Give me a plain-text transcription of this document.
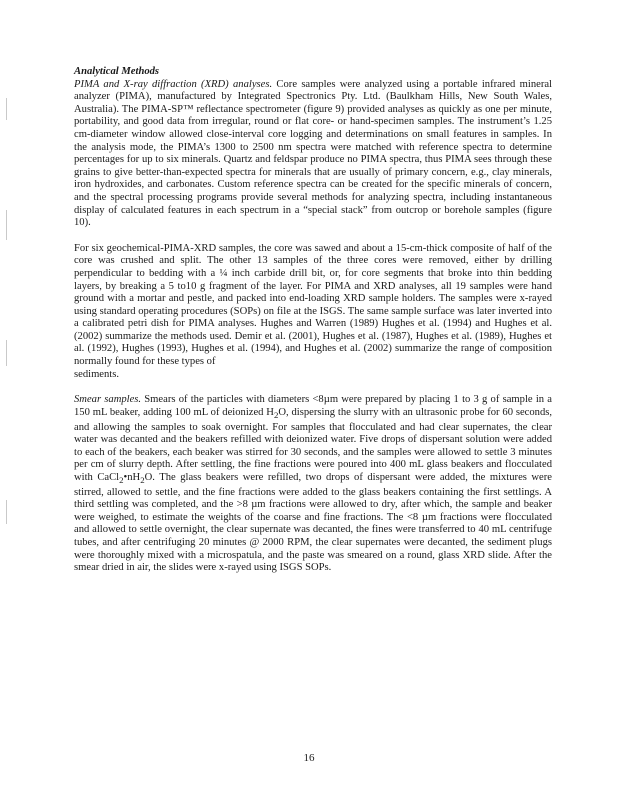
Analytical Methods

PIMA and X-ray diffraction (XRD) analyses. Core samples were analyzed using a portable infrared mineral analyzer (PIMA), manufactured by Integrated Spectronics Pty. Ltd. (Baulkham Hills, New South Wales, Australia). The PIMA-SP™ reflectance spectrometer (figure 9) provided analyses as quickly as one per minute, portability, and good data from irregular, round or flat core- or hand-specimen samples. The instrument’s 1.25 cm-diameter window allowed close-interval core logging and determinations on small features in samples. In the analysis mode, the PIMA’s 1300 to 2500 nm spectra were matched with reference spectra to determine percentages for up to six minerals. Quartz and feldspar produce no PIMA spectra, thus PIMA sees through these grains to give better-than-expected spectra for minerals that are usually of primary concern, e.g., clay minerals, iron hydroxides, and carbonates. Custom reference spectra can be created for the specific minerals of concern, and the spectral processing programs provide several methods for analyzing spectra, including instantaneous display of calculated features in each spectrum in a “special stack” from outcrop or borehole samples (figure 10).

For six geochemical-PIMA-XRD samples, the core was sawed and about a 15-cm-thick composite of half of the core was crushed and split. The other 13 samples of the three cores were removed, either by drilling perpendicular to bedding with a ¼ inch carbide drill bit, or, for core segments that broke into thin bedding layers, by breaking a 5 to10 g fragment of the layer. For PIMA and XRD analyses, all 19 samples were hand ground with a mortar and pestle, and packed into end-loading XRD sample holders. The samples were x-rayed using standard operating procedures (SOPs) on file at the ISGS. The same sample surface was later inverted into a calibrated petri dish for PIMA analyses. Hughes and Warren (1989) Hughes et al. (1994) and Hughes et al. (2002) summarize the methods used. Demir et al. (2001), Hughes et al. (1987), Hughes et al. (1989), Hughes et al. (1992), Hughes (1993), Hughes et al. (1994), and Hughes et al. (2002) summarize the range of composition normally found for these types of
sediments.

Smear samples. Smears of the particles with diameters <8µm were prepared by placing 1 to 3 g of sample in a 150 mL beaker, adding 100 mL of deionized $H_2O$, dispersing the slurry with an ultrasonic probe for 60 seconds, and allowing the samples to soak overnight. For samples that flocculated and had clear supernates, the clear water was decanted and the beakers refilled with deionized water. Five drops of dispersant solution were added to each of the beakers, each beaker was stirred for 30 seconds, and the samples were allowed to settle 3 minutes per cm of slurry depth. After settling, the fine fractions were poured into 400 mL glass beakers and flocculated with $CaCl_2•nH_2O$. The glass beakers were refilled, two drops of dispersant were added, the mixtures were stirred, allowed to settle, and the fine fractions were added to the glass beakers containing the first settlings. A third settling was completed, and the >8 µm fractions were allowed to dry, after which, the sample and beaker were weighed, to estimate the weights of the coarse and fine fractions. The <8 µm fractions were flocculated and allowed to settle overnight, the clear supernate was decanted, the fines were transferred to 40 mL centrifuge tubes, and after centrifuging 20 minutes @ 2000 RPM, the clear supernates were decanted, the sediment plugs were thoroughly mixed with a microspatula, and the paste was smeared on a round, glass XRD slide. After the smear dried in air, the slides were x-rayed using ISGS SOPs.

16
